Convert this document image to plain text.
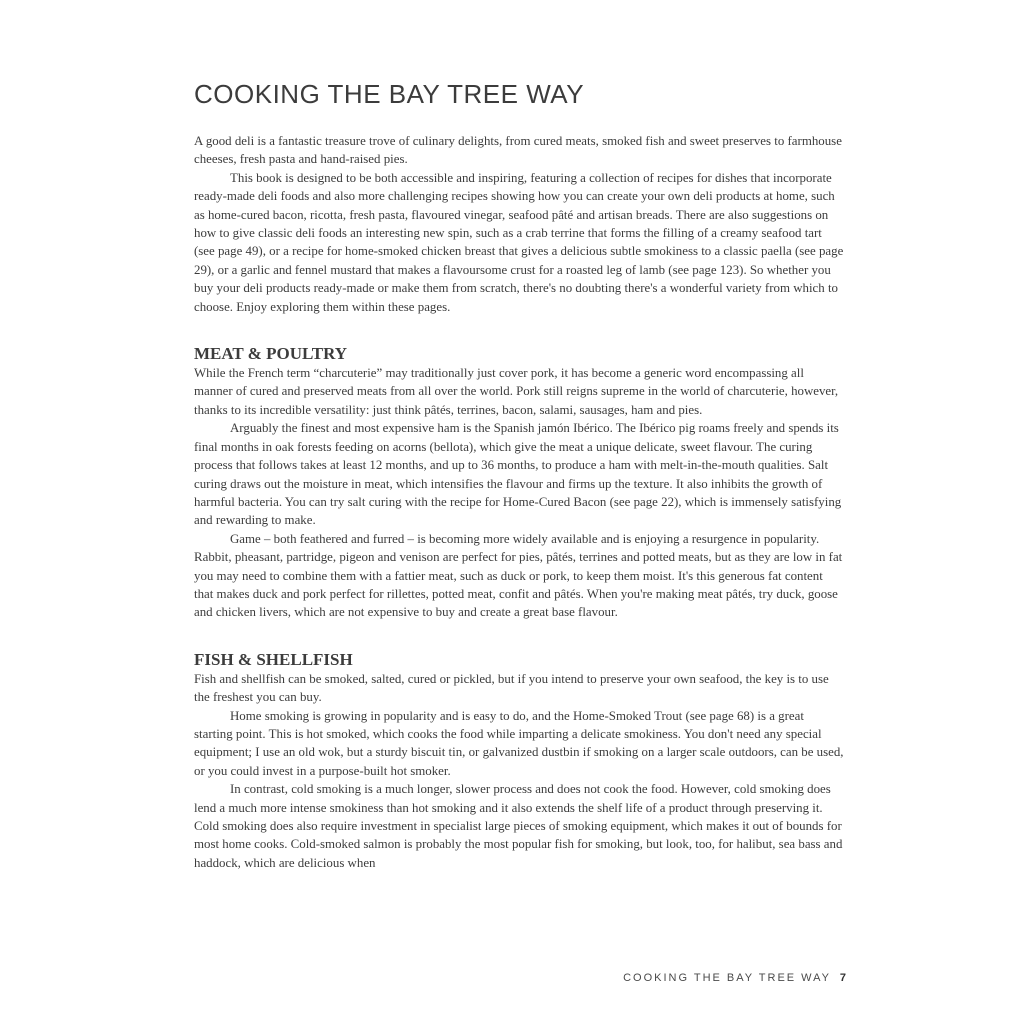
COOKING THE BAY TREE WAY

A good deli is a fantastic treasure trove of culinary delights, from cured meats, smoked fish and sweet preserves to farmhouse cheeses, fresh pasta and hand-raised pies.

This book is designed to be both accessible and inspiring, featuring a collection of recipes for dishes that incorporate ready-made deli foods and also more challenging recipes showing how you can create your own deli products at home, such as home-cured bacon, ricotta, fresh pasta, flavoured vinegar, seafood pâté and artisan breads. There are also suggestions on how to give classic deli foods an interesting new spin, such as a crab terrine that forms the filling of a creamy seafood tart (see page 49), or a recipe for home-smoked chicken breast that gives a delicious subtle smokiness to a classic paella (see page 29), or a garlic and fennel mustard that makes a flavoursome crust for a roasted leg of lamb (see page 123). So whether you buy your deli products ready-made or make them from scratch, there's no doubting there's a wonderful variety from which to choose. Enjoy exploring them within these pages.

MEAT & POULTRY

While the French term “charcuterie” may traditionally just cover pork, it has become a generic word encompassing all manner of cured and preserved meats from all over the world. Pork still reigns supreme in the world of charcuterie, however, thanks to its incredible versatility: just think pâtés, terrines, bacon, salami, sausages, ham and pies.

Arguably the finest and most expensive ham is the Spanish jamón Ibérico. The Ibérico pig roams freely and spends its final months in oak forests feeding on acorns (bellota), which give the meat a unique delicate, sweet flavour. The curing process that follows takes at least 12 months, and up to 36 months, to produce a ham with melt-in-the-mouth qualities. Salt curing draws out the moisture in meat, which intensifies the flavour and firms up the texture. It also inhibits the growth of harmful bacteria. You can try salt curing with the recipe for Home-Cured Bacon (see page 22), which is immensely satisfying and rewarding to make.

Game – both feathered and furred – is becoming more widely available and is enjoying a resurgence in popularity. Rabbit, pheasant, partridge, pigeon and venison are perfect for pies, pâtés, terrines and potted meats, but as they are low in fat you may need to combine them with a fattier meat, such as duck or pork, to keep them moist. It's this generous fat content that makes duck and pork perfect for rillettes, potted meat, confit and pâtés. When you're making meat pâtés, try duck, goose and chicken livers, which are not expensive to buy and create a great base flavour.

FISH & SHELLFISH

Fish and shellfish can be smoked, salted, cured or pickled, but if you intend to preserve your own seafood, the key is to use the freshest you can buy.

Home smoking is growing in popularity and is easy to do, and the Home-Smoked Trout (see page 68) is a great starting point. This is hot smoked, which cooks the food while imparting a delicate smokiness. You don't need any special equipment; I use an old wok, but a sturdy biscuit tin, or galvanized dustbin if smoking on a larger scale outdoors, can be used, or you could invest in a purpose-built hot smoker.

In contrast, cold smoking is a much longer, slower process and does not cook the food. However, cold smoking does lend a much more intense smokiness than hot smoking and it also extends the shelf life of a product through preserving it. Cold smoking does also require investment in specialist large pieces of smoking equipment, which makes it out of bounds for most home cooks. Cold-smoked salmon is probably the most popular fish for smoking, but look, too, for halibut, sea bass and haddock, which are delicious when

COOKING THE BAY TREE WAY 7
